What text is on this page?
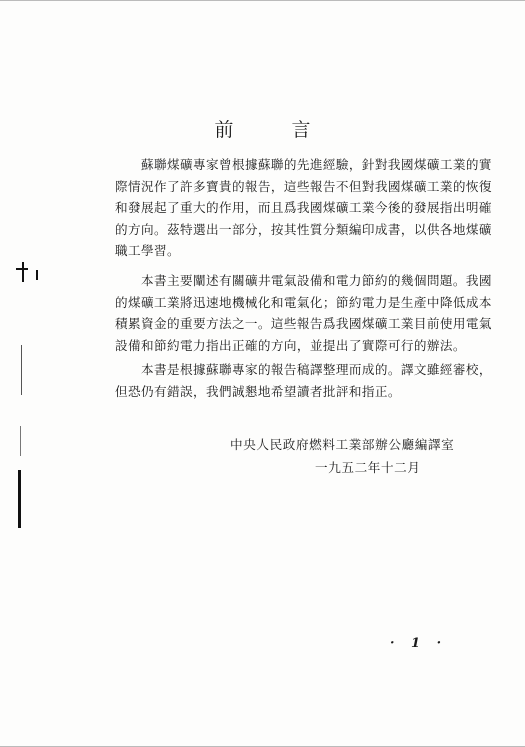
前 言
蘇聯煤礦專家曾根據蘇聯的先進經驗，針對我國煤礦工業的實
際情況作了許多寶貴的報告，這些報告不但對我國煤礦工業的恢復
和發展起了重大的作用，而且爲我國煤礦工業今後的發展指出明確
的方向。茲特選出一部分，按其性質分類編印成書，以供各地煤礦
職工學習。
本書主要闡述有關礦井電氣設備和電力節約的幾個問題。我國
的煤礦工業將迅速地機械化和電氣化；節約電力是生產中降低成本
積累資金的重要方法之一。這些報告爲我國煤礦工業目前使用電氣
設備和節約電力指出正確的方向，並提出了實際可行的辦法。
本書是根據蘇聯專家的報告稿譯整理而成的。譯文雖經審校，
但恐仍有錯誤，我們誠懇地希望讀者批評和指正。
中央人民政府燃料工業部辦公廳編譯室
一九五二年十二月
· 1 ·
